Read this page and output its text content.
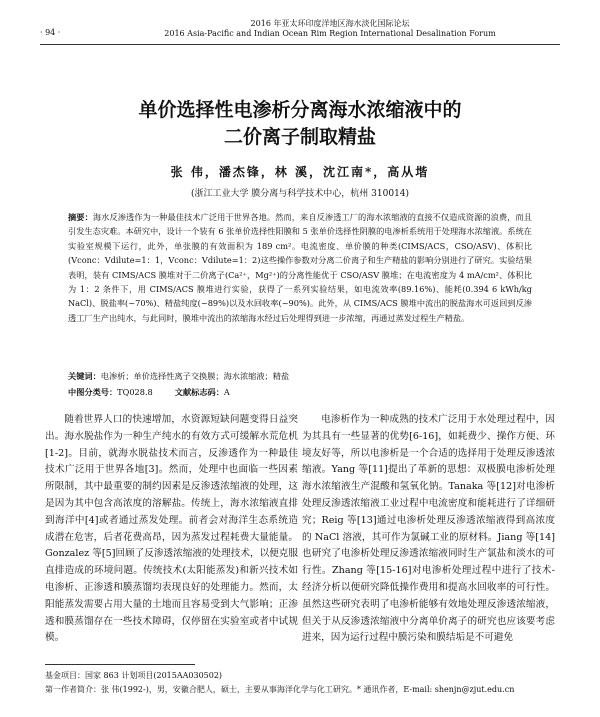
· 94 ·
2016 年亚太环印度洋地区海水淡化国际论坛
2016 Asia-Pacific and Indian Ocean Rim Region International Desalination Forum
单价选择性电渗析分离海水浓缩液中的
二价离子制取精盐
张 伟，潘杰锋，林 溪，沈江南*，高从堦
(浙江工业大学 膜分离与科学技术中心，杭州 310014)
摘要：海水反渗透作为一种最佳技术广泛用于世界各地。然而，来自反渗透工厂的海水浓缩液的直接不仅造成资源的浪费，而且引发生态灾难。本研究中，设计一个装有 6 张单价选择性阳膜和 5 张单价选择性阴膜的电渗析系统用于处理海水浓缩液。系统在实验室规模下运行，此外，单张膜的有效面积为 189 cm²。电流密度、单价膜的种类(CIMS/ACS，CSO/ASV)、体积比(Vconc：Vdilute=1：1，Vconc：Vdilute=1：2)这些操作参数对分离二价离子和生产精盐的影响分别进行了研究。实验结果表明，装有 CIMS/ACS 膜堆对于二价离子(Ca²⁺，Mg²⁺)的分离性能优于 CSO/ASV 膜堆；在电流密度为 4 mA/cm²、体积比为 1：2 条件下，用 CIMS/ACS 膜堆进行实验，获得了一系列实验结果，如电流效率(89.16%)、能耗(0.394 6 kWh/kg NaCl)、脱盐率(~70%)、精盐纯度(~89%)以及水回收率(~90%)。此外，从 CIMS/ACS 膜堆中流出的脱盐海水可返回到反渗透工厂生产出纯水，与此同时，膜堆中流出的浓缩海水经过后处理得到进一步浓缩，再通过蒸发过程生产精盐。
关键词：电渗析；单价选择性离子交换膜；海水浓缩液；精盐
中图分类号：TQ028.8	文献标志码：A

随着世界人口的快速增加，水资源短缺问题变得日益突出。海水脱盐作为一种生产纯水的有效方式可缓解水荒危机[1-2]。目前，就海水脱盐技术而言，反渗透作为一种最佳技术广泛用于世界各地[3]。然而，处理中也面临一些因素所限制，其中最重要的制约因素是反渗透浓缩液的处理，这是因为其中包含高浓度的溶解盐。传统上，海水浓缩液直排到海洋中[4]或者通过蒸发处理。前者会对海洋生态系统造成潜在危害，后者花费高昂，因为蒸发过程耗费大量能量。Gonzalez 等[5]回顾了反渗透浓缩液的处理技术，以便克服直排造成的环境问题。传统技术(太阳能蒸发)和新兴技术如电渗析、正渗透和膜蒸馏均表现良好的处理能力。然而，太阳能蒸发需要占用大量的土地而且容易受到大气影响；正渗透和膜蒸馏存在一些技术障碍，仅停留在实验室或者中试规模。

电渗析作为一种成熟的技术广泛用于水处理过程中，因为其具有一些显著的优势[6-16]，如耗费少、操作方便、环境友好等，所以电渗析是一个合适的选择用于处理反渗透浓缩液。Yang 等[11]提出了革新的思想：双极膜电渗析处理海水浓缩液生产混酸和氢氧化钠。Tanaka 等[12]对电渗析处理反渗透浓缩液工业过程中电流密度和能耗进行了详细研究；Reig 等[13]通过电渗析处理反渗透浓缩液得到高浓度的 NaCl 溶液，其可作为氯碱工业的原材料。Jiang 等[14]也研究了电渗析处理反渗透浓缩液同时生产氯盐和淡水的可行性。Zhang 等[15-16]对电渗析处理过程中进行了技术-经济分析以便研究降低操作费用和提高水回收率的可行性。虽然这些研究表明了电渗析能够有效地处理反渗透浓缩液，但关于从反渗透浓缩液中分离单价离子的研究也应该要考虑进来，因为运行过程中膜污染和膜结垢是不可避免

基金项目：国家 863 计划项目(2015AA030502)
第一作者简介：张 伟(1992-)，男，安徽合肥人，硕士，主要从事海洋化学与化工研究。* 通讯作者，E-mail: shenjn@zjut.edu.cn
